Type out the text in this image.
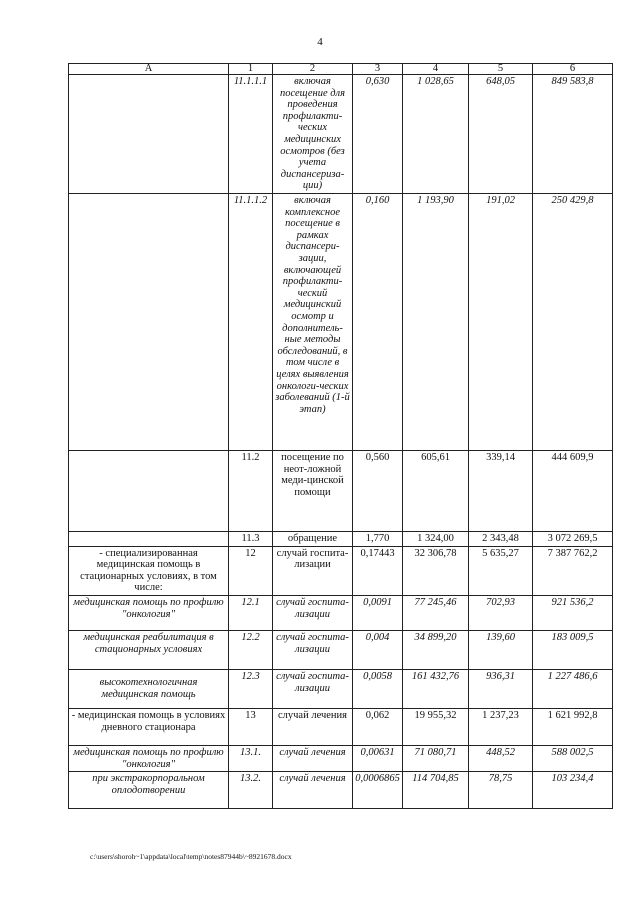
4
А	1	2	3	4	5	6
	11.1.1.1	включая посещение для проведения профилакти-ческих медицинских осмотров (без учета диспансериза-ции)	0,630	1 028,65	648,05	849 583,8
	11.1.1.2	включая комплексное посещение в рамках диспансери-зации, включающей профилакти-ческий медицинский осмотр и дополнитель-ные методы обследований, в том числе в целях выявления онкологи-ческих заболеваний (1-й этап)	0,160	1 193,90	191,02	250 429,8
	11.2	посещение по неот-ложной меди-цинской помощи	0,560	605,61	339,14	444 609,9
	11.3	обращение	1,770	1 324,00	2 343,48	3 072 269,5
- специализированная медицинская помощь в стационарных условиях, в том числе:	12	случай госпита-лизации	0,17443	32 306,78	5 635,27	7 387 762,2
медицинская помощь по профилю "онкология"	12.1	случай госпита-лизации	0,0091	77 245,46	702,93	921 536,2
медицинская реабилитация в стационарных условиях	12.2	случай госпита-лизации	0,004	34 899,20	139,60	183 009,5
высокотехнологичная медицинская помощь	12.3	случай госпита-лизации	0,0058	161 432,76	936,31	1 227 486,6
- медицинская помощь в условиях дневного стационара	13	случай лечения	0,062	19 955,32	1 237,23	1 621 992,8
медицинская помощь по профилю "онкология"	13.1.	случай лечения	0,00631	71 080,71	448,52	588 002,5
при экстракорпоральном оплодотворении	13.2.	случай лечения	0,0006865	114 704,85	78,75	103 234,4
c:\users\shoroh~1\appdata\local\temp\notes87944b\~8921678.docx
